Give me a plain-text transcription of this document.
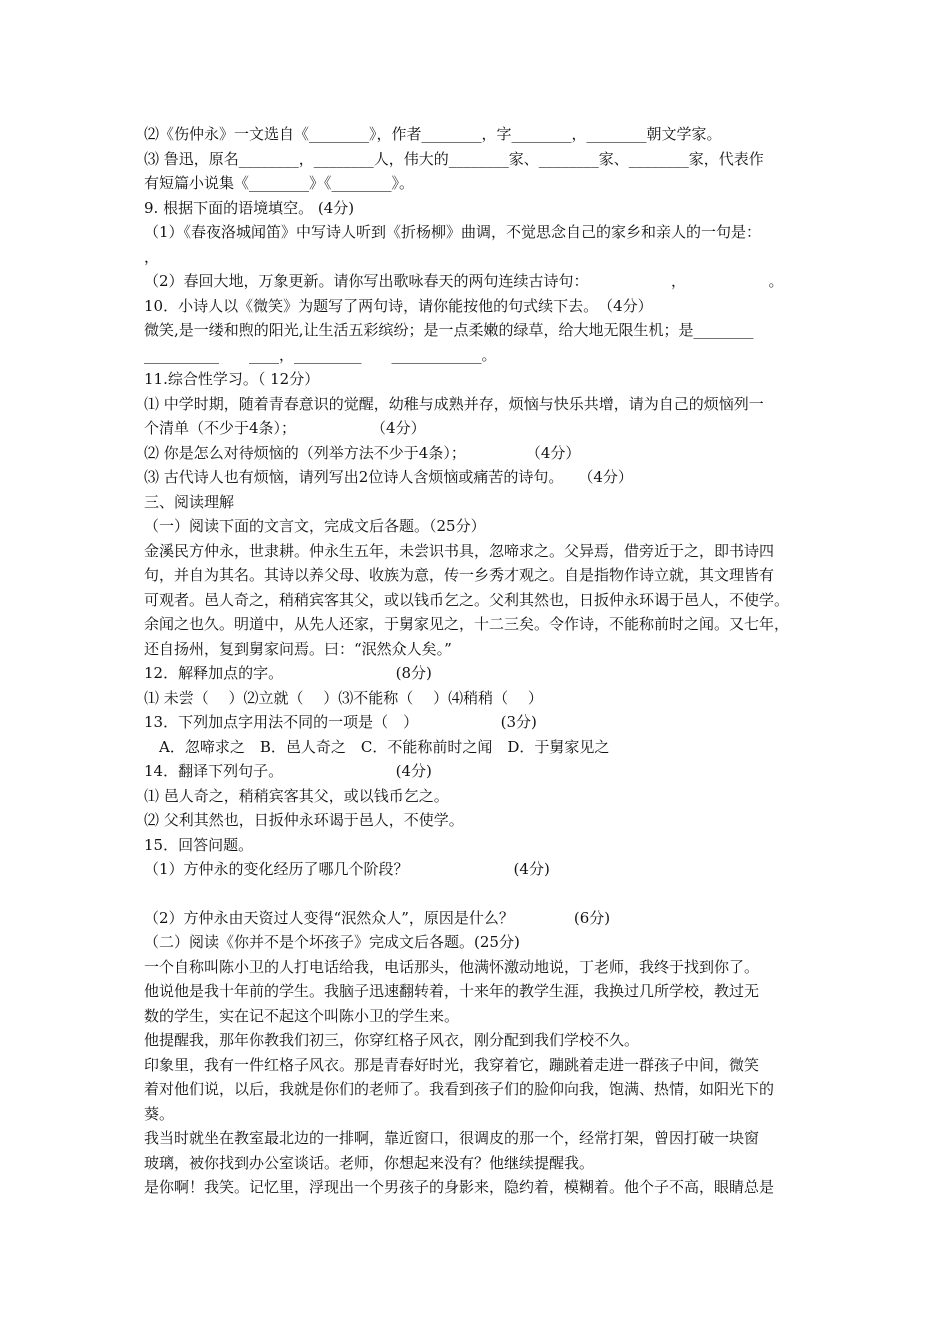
⑵《伤仲永》一文选自《________》，作者________，字________，________朝文学家。
⑶ 鲁迅，原名________，________人，伟大的________家、________家、________家，代表作
有短篇小说集《________》《________》。
9. 根据下面的语境填空。 (4分)
（1）《春夜洛城闻笛》中写诗人听到《折杨柳》曲调，不觉思念自己的家乡和亲人的一句是：
，
（2）春回大地，万象更新。请你写出歌咏春天的两句连续古诗句：　　　　　　，　　　　　　。
10．小诗人以《微笑》为题写了两句诗，请你能按他的句式续下去。　（4分）
微笑,是一缕和煦的阳光,让生活五彩缤纷；是一点柔嫩的绿草，给大地无限生机；是________
__________　　____，_________　　____________。
11.综合性学习。（ 12分）
⑴ 中学时期，随着青春意识的觉醒，幼稚与成熟并存，烦恼与快乐共增，请为自己的烦恼列一
个清单（不少于4条）；　　　　　　（4分）
⑵ 你是怎么对待烦恼的（列举方法不少于4条）；　　　　　（4分）
⑶ 古代诗人也有烦恼，请列写出2位诗人含烦恼或痛苦的诗句。　　（4分）
三、阅读理解
（一）阅读下面的文言文，完成文后各题。（25分）
金溪民方仲永，世隶耕。仲永生五年，未尝识书具，忽啼求之。父异焉，借旁近于之，即书诗四
句，并自为其名。其诗以养父母、收族为意，传一乡秀才观之。自是指物作诗立就，其文理皆有
可观者。邑人奇之，稍稍宾客其父，或以钱币乞之。父利其然也，日扳仲永环谒于邑人，不使学。
余闻之也久。明道中，从先人还家，于舅家见之，十二三矣。令作诗，不能称前时之闻。又七年，
还自扬州，复到舅家问焉。曰：“泯然众人矣。”
12．解释加点的字。　　　　　　　　(8分)
⑴ 未尝（　 ）⑵立就（　 ）⑶不能称（　 ）⑷稍稍（　 ）
13．下列加点字用法不同的一项是（　）　　　　　　(3分)
　A．忽啼求之　B．邑人奇之　C．不能称前时之闻　D．于舅家见之
14．翻译下列句子。　　　　　　　　(4分)
⑴ 邑人奇之，稍稍宾客其父，或以钱币乞之。
⑵ 父利其然也，日扳仲永环谒于邑人，不使学。
15．回答问题。
（1）方仲永的变化经历了哪几个阶段？　　　　　　　(4分)
（2）方仲永由天资过人变得“泯然众人”，原因是什么？　　　　(6分)
（二）阅读《你并不是个坏孩子》完成文后各题。(25分)
一个自称叫陈小卫的人打电话给我，电话那头，他满怀激动地说，丁老师，我终于找到你了。
他说他是我十年前的学生。我脑子迅速翻转着，十来年的教学生涯，我换过几所学校，教过无
数的学生，实在记不起这个叫陈小卫的学生来。
他提醒我，那年你教我们初三，你穿红格子风衣，刚分配到我们学校不久。
印象里，我有一件红格子风衣。那是青春好时光，我穿着它，蹦跳着走进一群孩子中间，微笑
着对他们说，以后，我就是你们的老师了。我看到孩子们的脸仰向我，饱满、热情，如阳光下的
葵。
我当时就坐在教室最北边的一排啊，靠近窗口，很调皮的那一个，经常打架，曾因打破一块窗
玻璃，被你找到办公室谈话。老师，你想起来没有？他继续提醒我。
是你啊！我笑。记忆里，浮现出一个男孩子的身影来，隐约着，模糊着。他个子不高，眼睛总是
